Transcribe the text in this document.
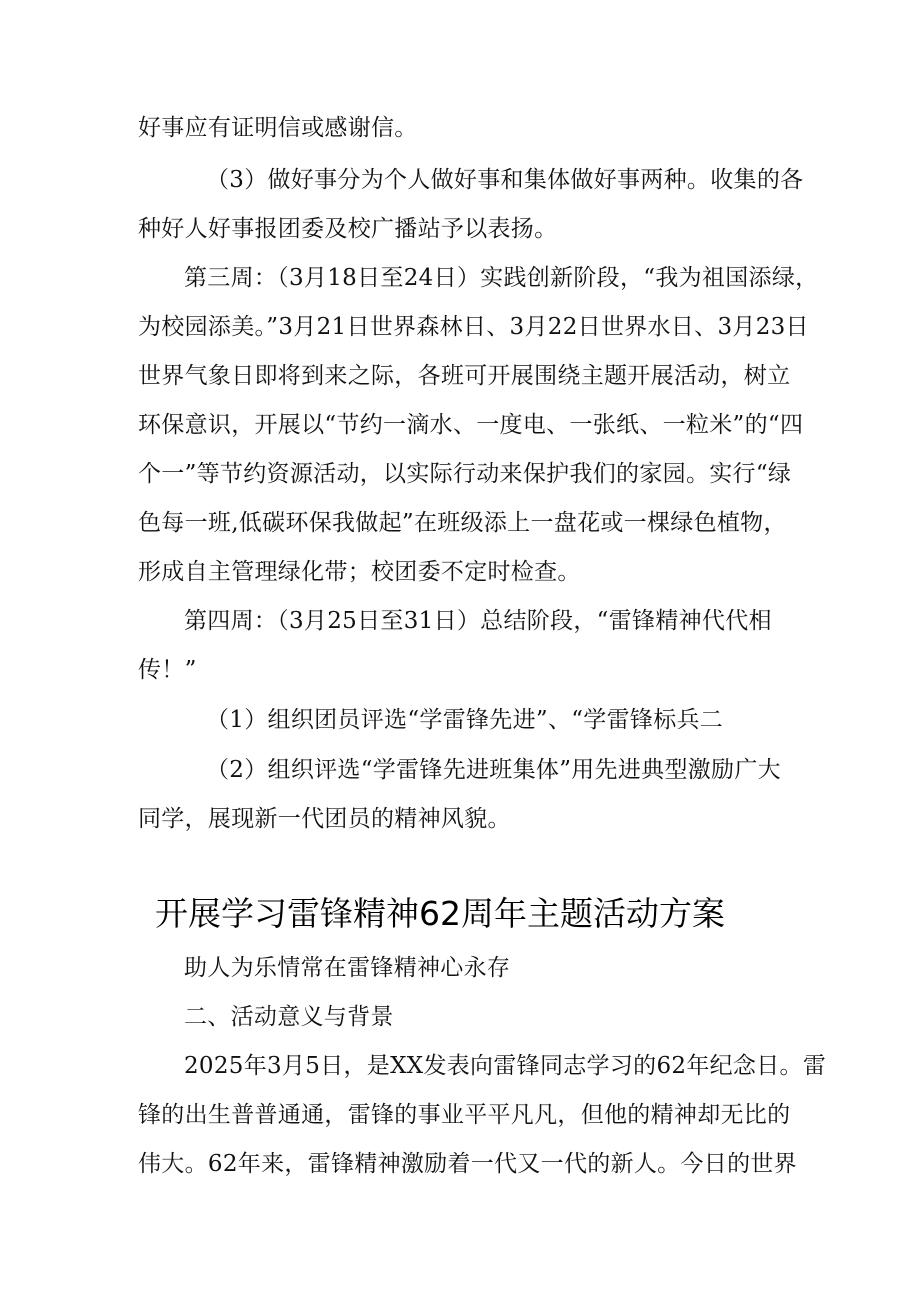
好事应有证明信或感谢信。
（3）做好事分为个人做好事和集体做好事两种。收集的各
种好人好事报团委及校广播站予以表扬。
第三周：（3月18日至24日）实践创新阶段，“我为祖国添绿，
为校园添美。”3月21日世界森林日、3月22日世界水日、3月23日
世界气象日即将到来之际，各班可开展围绕主题开展活动，树立
环保意识，开展以“节约一滴水、一度电、一张纸、一粒米”的“四
个一”等节约资源活动，以实际行动来保护我们的家园。实行“绿
色每一班,低碳环保我做起”在班级添上一盘花或一棵绿色植物，
形成自主管理绿化带；校团委不定时检查。
第四周：（3月25日至31日）总结阶段，“雷锋精神代代相
传！”
（1）组织团员评选“学雷锋先进”、“学雷锋标兵二
（2）组织评选“学雷锋先进班集体”用先进典型激励广大
同学，展现新一代团员的精神风貌。
开展学习雷锋精神62周年主题活动方案
助人为乐情常在雷锋精神心永存
二、活动意义与背景
2025年3月5日，是XX发表向雷锋同志学习的62年纪念日。雷
锋的出生普普通通，雷锋的事业平平凡凡，但他的精神却无比的
伟大。62年来，雷锋精神激励着一代又一代的新人。今日的世界
